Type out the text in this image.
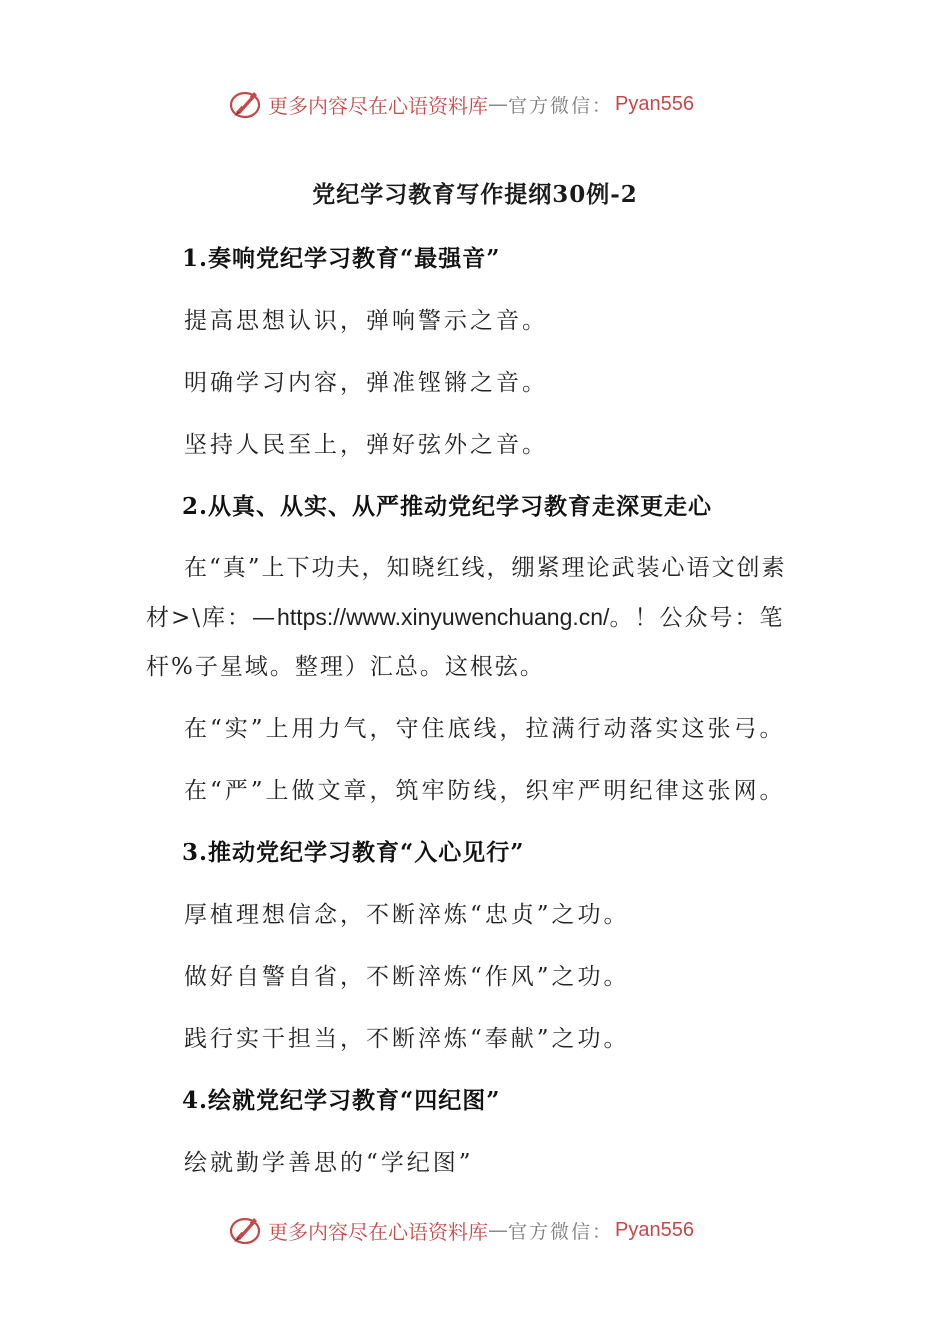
更多内容尽在心语资料库 — 官方微信： Pyan556
党纪学习教育写作提纲30例-2
1.奏响党纪学习教育“最强音”
提高思想认识，弹响警示之音。
明确学习内容，弹准铿锵之音。
坚持人民至上，弹好弦外之音。
2.从真、从实、从严推动党纪学习教育走深更走心
在“真”上下功夫，知晓红线，绷紧理论武装心语文创素材>\库：—https://www.xinyuwenchuang.cn/。！公众号：笔杆%子星域。整理）汇总。这根弦。
在“实”上用力气，守住底线，拉满行动落实这张弓。
在“严”上做文章，筑牢防线，织牢严明纪律这张网。
3.推动党纪学习教育“入心见行”
厚植理想信念，不断淬炼“忠贞”之功。
做好自警自省，不断淬炼“作风”之功。
践行实干担当，不断淬炼“奉献”之功。
4.绘就党纪学习教育“四纪图”
绘就勤学善思的“学纪图”
更多内容尽在心语资料库 — 官方微信： Pyan556
